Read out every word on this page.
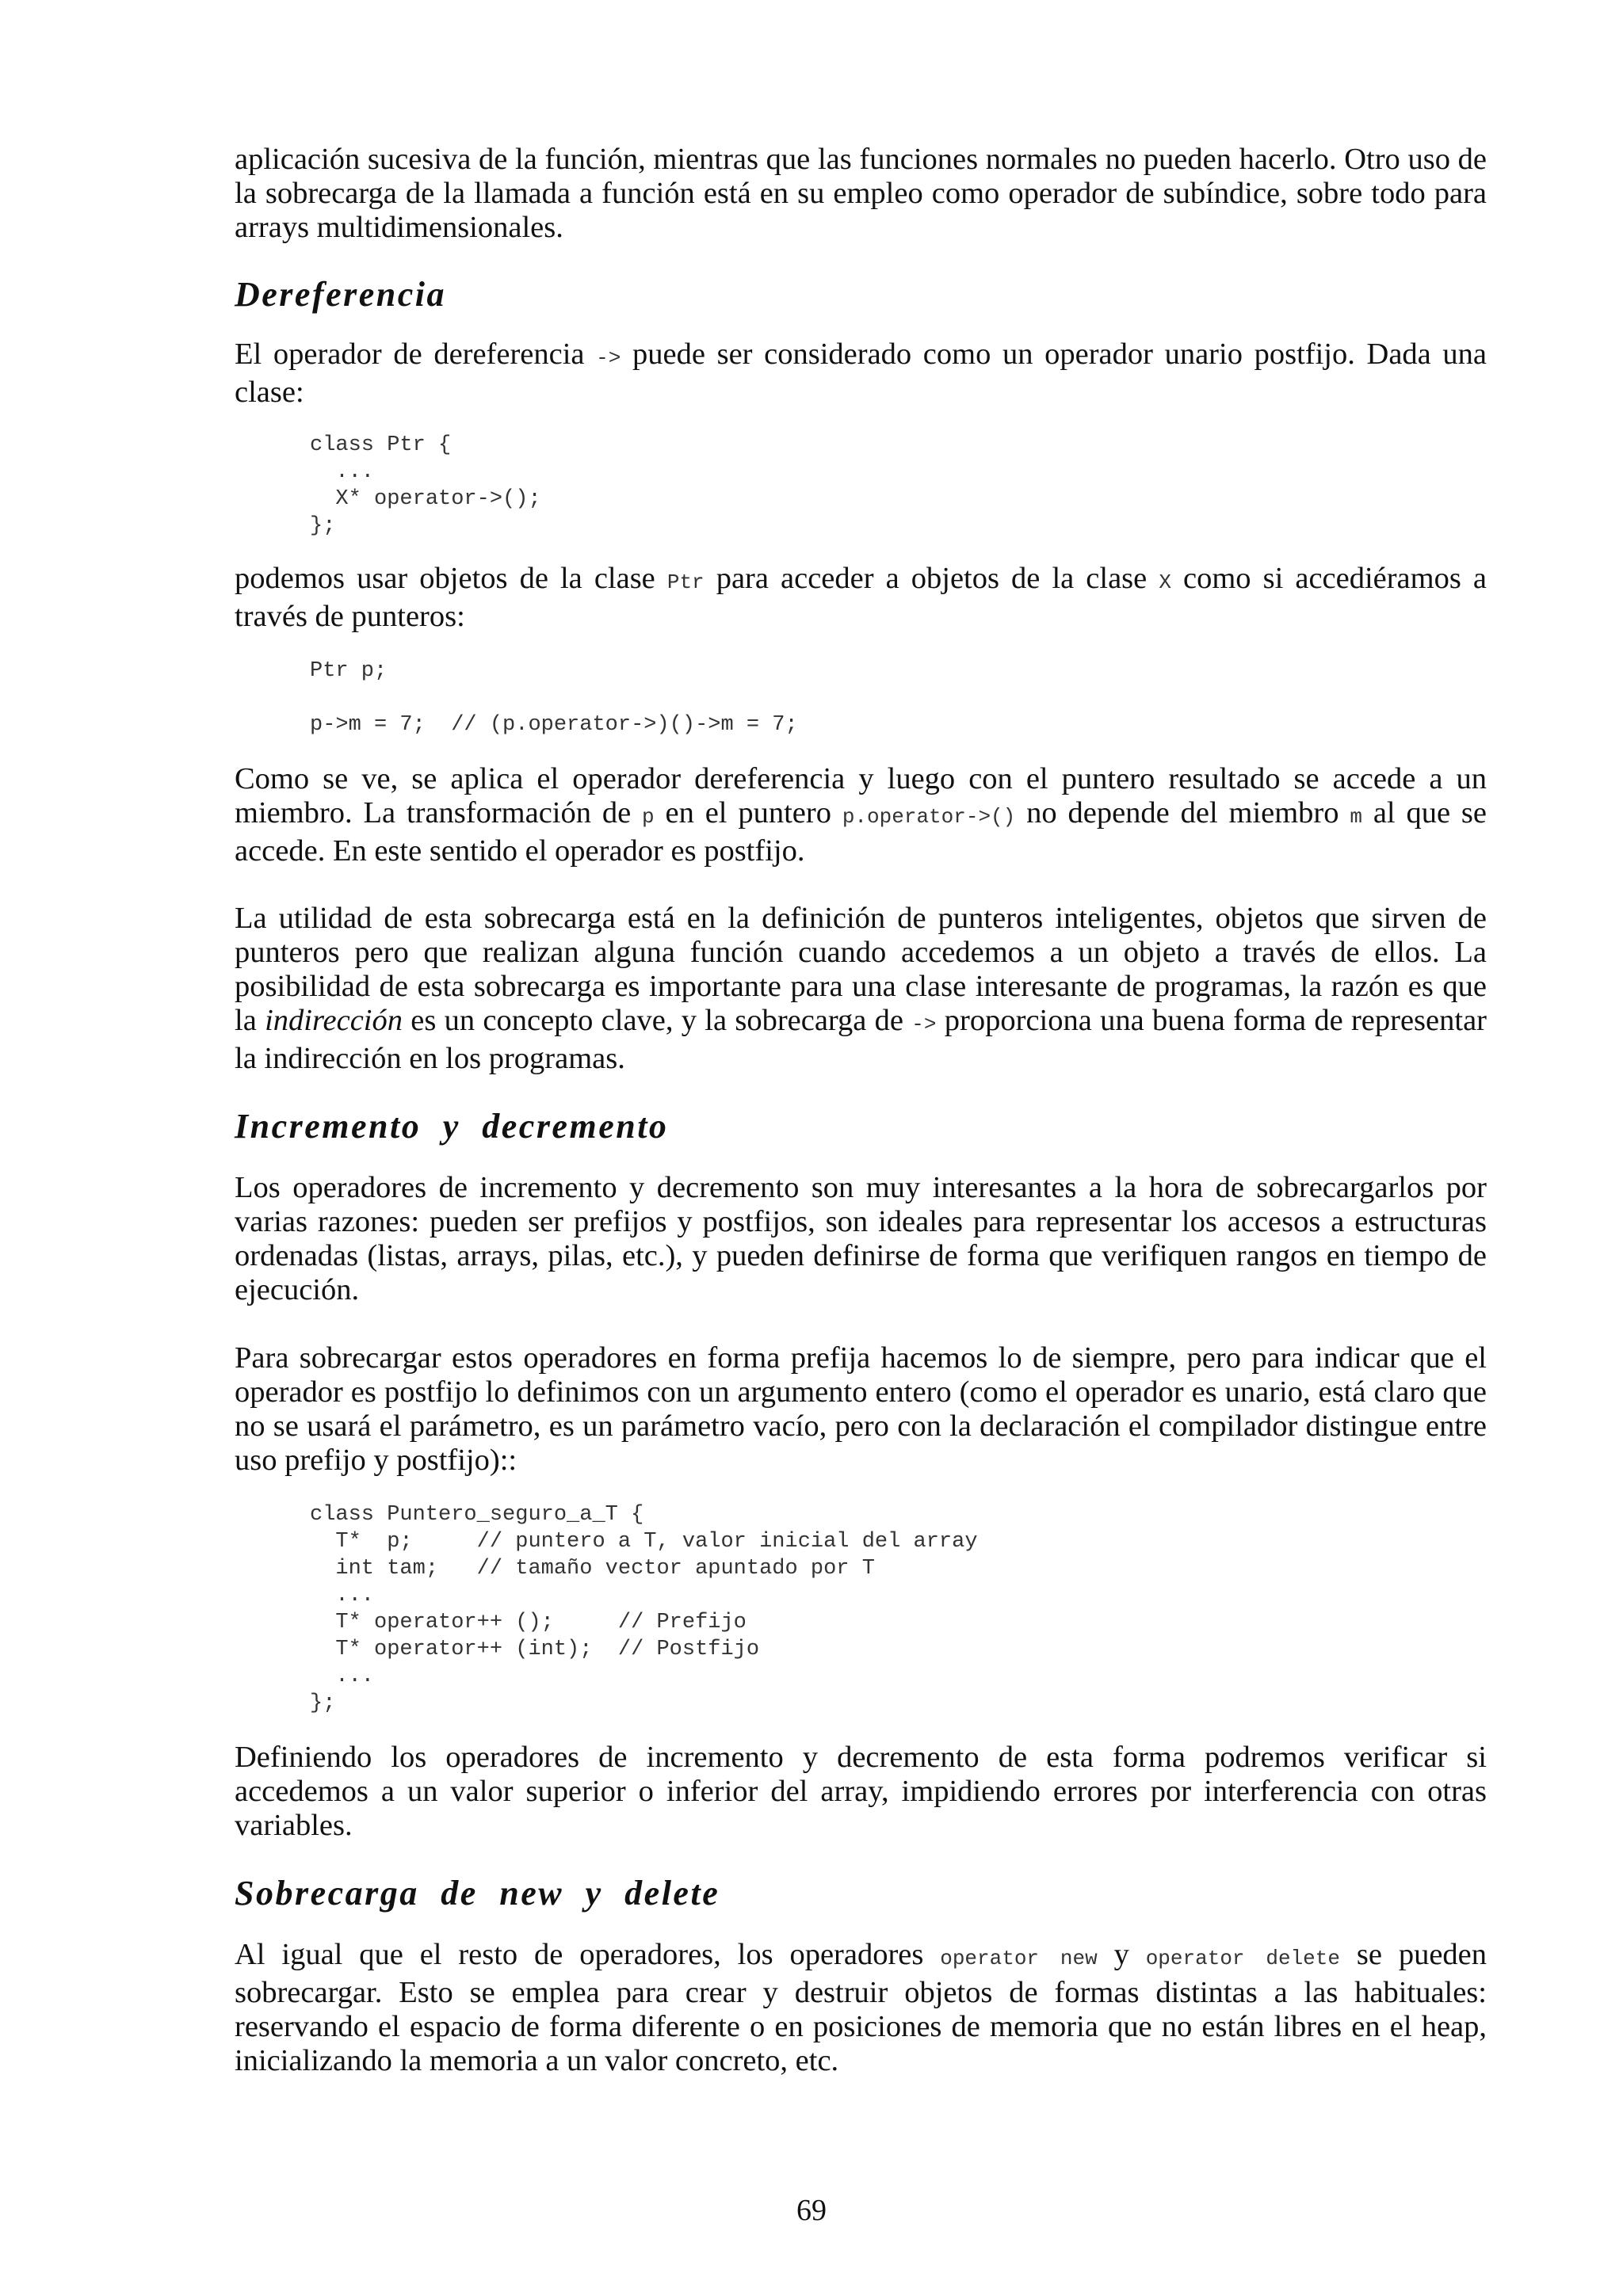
aplicación sucesiva de la función, mientras que las funciones normales no pueden hacerlo. Otro uso de la sobrecarga de la llamada a función está en su empleo como operador de subíndice, sobre todo para arrays multidimensionales.

Dereferencia

El operador de dereferencia -> puede ser considerado como un operador unario postfijo. Dada una clase:

class Ptr {
...
X* operator->();
};

podemos usar objetos de la clase Ptr para acceder a objetos de la clase X como si accediéramos a través de punteros:

Ptr p;

p->m = 7;  // (p.operator->)()->m = 7;

Como se ve, se aplica el operador dereferencia y luego con el puntero resultado se accede a un miembro. La transformación de p en el puntero p.operator->() no depende del miembro m al que se accede. En este sentido el operador es postfijo.

La utilidad de esta sobrecarga está en la definición de punteros inteligentes, objetos que sirven de punteros pero que realizan alguna función cuando accedemos a un objeto a través de ellos. La posibilidad de esta sobrecarga es importante para una clase interesante de programas, la razón es que la indirección es un concepto clave, y la sobrecarga de -> proporciona una buena forma de representar la indirección en los programas.

Incremento y decremento

Los operadores de incremento y decremento son muy interesantes a la hora de sobrecargarlos por varias razones: pueden ser prefijos y postfijos, son ideales para representar los accesos a estructuras ordenadas (listas, arrays, pilas, etc.), y pueden definirse de forma que verifiquen rangos en tiempo de ejecución.

Para sobrecargar estos operadores en forma prefija hacemos lo de siempre, pero para indicar que el operador es postfijo lo definimos con un argumento entero (como el operador es unario, está claro que no se usará el parámetro, es un parámetro vacío, pero con la declaración el compilador distingue entre uso prefijo y postfijo)::

class Puntero_seguro_a_T {
T*  p;     // puntero a T, valor inicial del array
int tam;   // tamaño vector apuntado por T
...
T* operator++ ();     // Prefijo
T* operator++ (int);  // Postfijo
...
};

Definiendo los operadores de incremento y decremento de esta forma podremos verificar si accedemos a un valor superior o inferior del array, impidiendo errores por interferencia con otras variables.

Sobrecarga de new y delete

Al igual que el resto de operadores, los operadores operator new y operator delete se pueden sobrecargar. Esto se emplea para crear y destruir objetos de formas distintas a las habituales: reservando el espacio de forma diferente o en posiciones de memoria que no están libres en el heap, inicializando la memoria a un valor concreto, etc.

69
